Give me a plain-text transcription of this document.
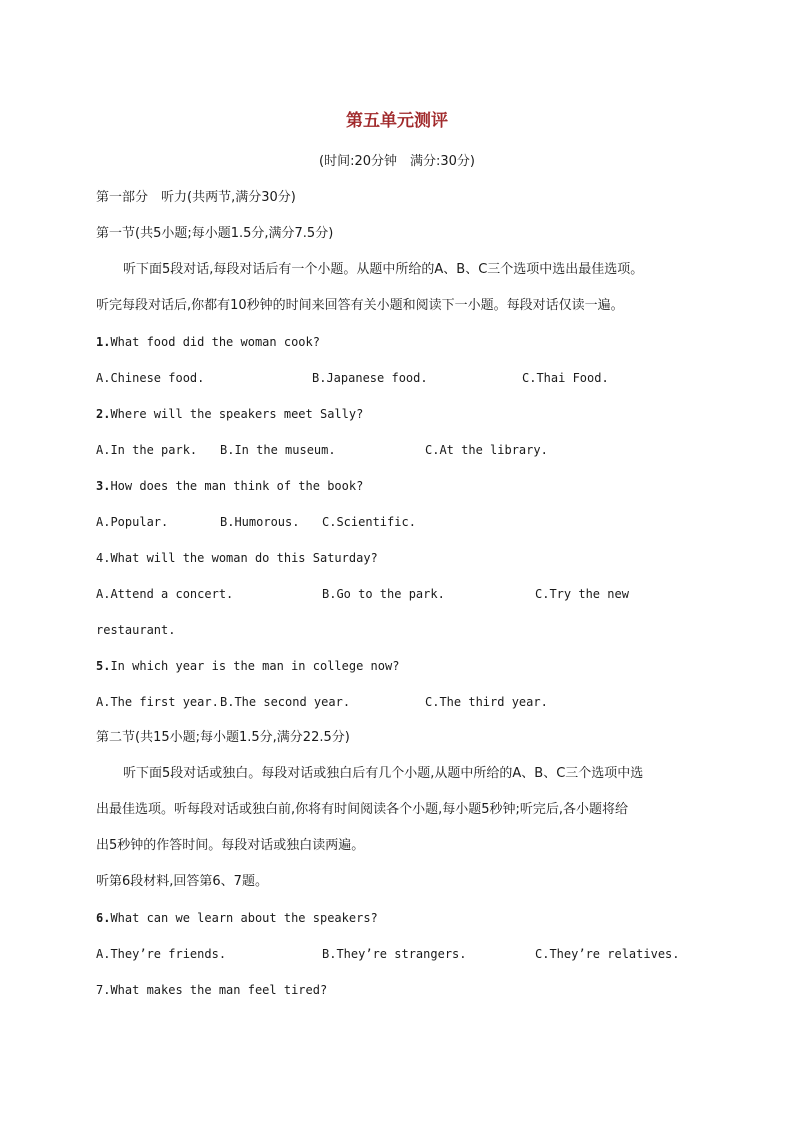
第五单元测评
(时间:20分钟　满分:30分)
第一部分　听力(共两节,满分30分)
第一节(共5小题;每小题1.5分,满分7.5分)
听下面5段对话,每段对话后有一个小题。从题中所给的A、B、C三个选项中选出最佳选项。
听完每段对话后,你都有10秒钟的时间来回答有关小题和阅读下一小题。每段对话仅读一遍。
1.What food did the woman cook?
A.Chinese food.	B.Japanese food.	C.Thai Food.
2.Where will the speakers meet Sally?
A.In the park. B.In the museum.	C.At the library.
3.How does the man think of the book?
A.Popular.	B.Humorous. C.Scientific.
4.What will the woman do this Saturday?
A.Attend a concert.	B.Go to the park.	C.Try the new
restaurant.
5.In which year is the man in college now?
A.The first year. B.The second year.	C.The third year.
第二节(共15小题;每小题1.5分,满分22.5分)
听下面5段对话或独白。每段对话或独白后有几个小题,从题中所给的A、B、C三个选项中选
出最佳选项。听每段对话或独白前,你将有时间阅读各个小题,每小题5秒钟;听完后,各小题将给
出5秒钟的作答时间。每段对话或独白读两遍。
听第6段材料,回答第6、7题。
6.What can we learn about the speakers?
A.They’re friends.	B.They’re strangers.	C.They’re relatives.
7.What makes the man feel tired?
